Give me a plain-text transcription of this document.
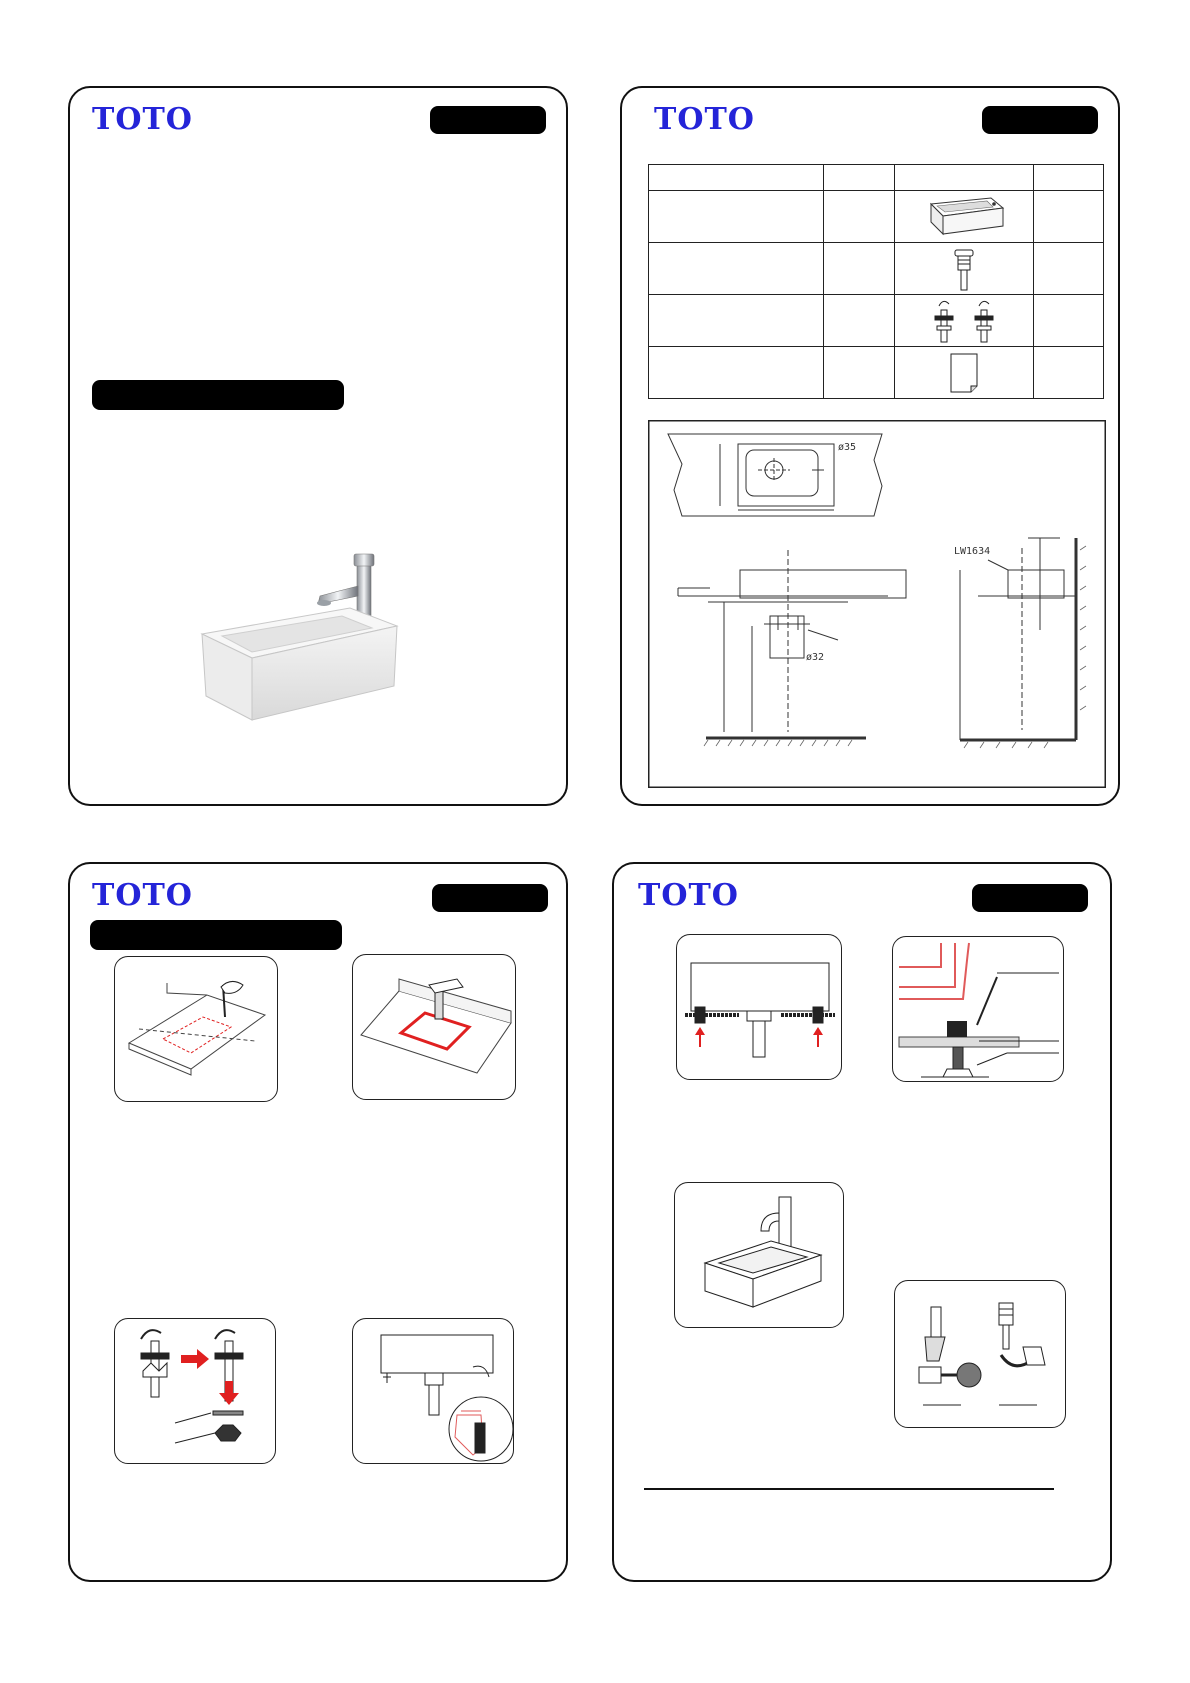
TOTO	TOTO

ø35
ø32
LW1634
TOTO	TOTO
